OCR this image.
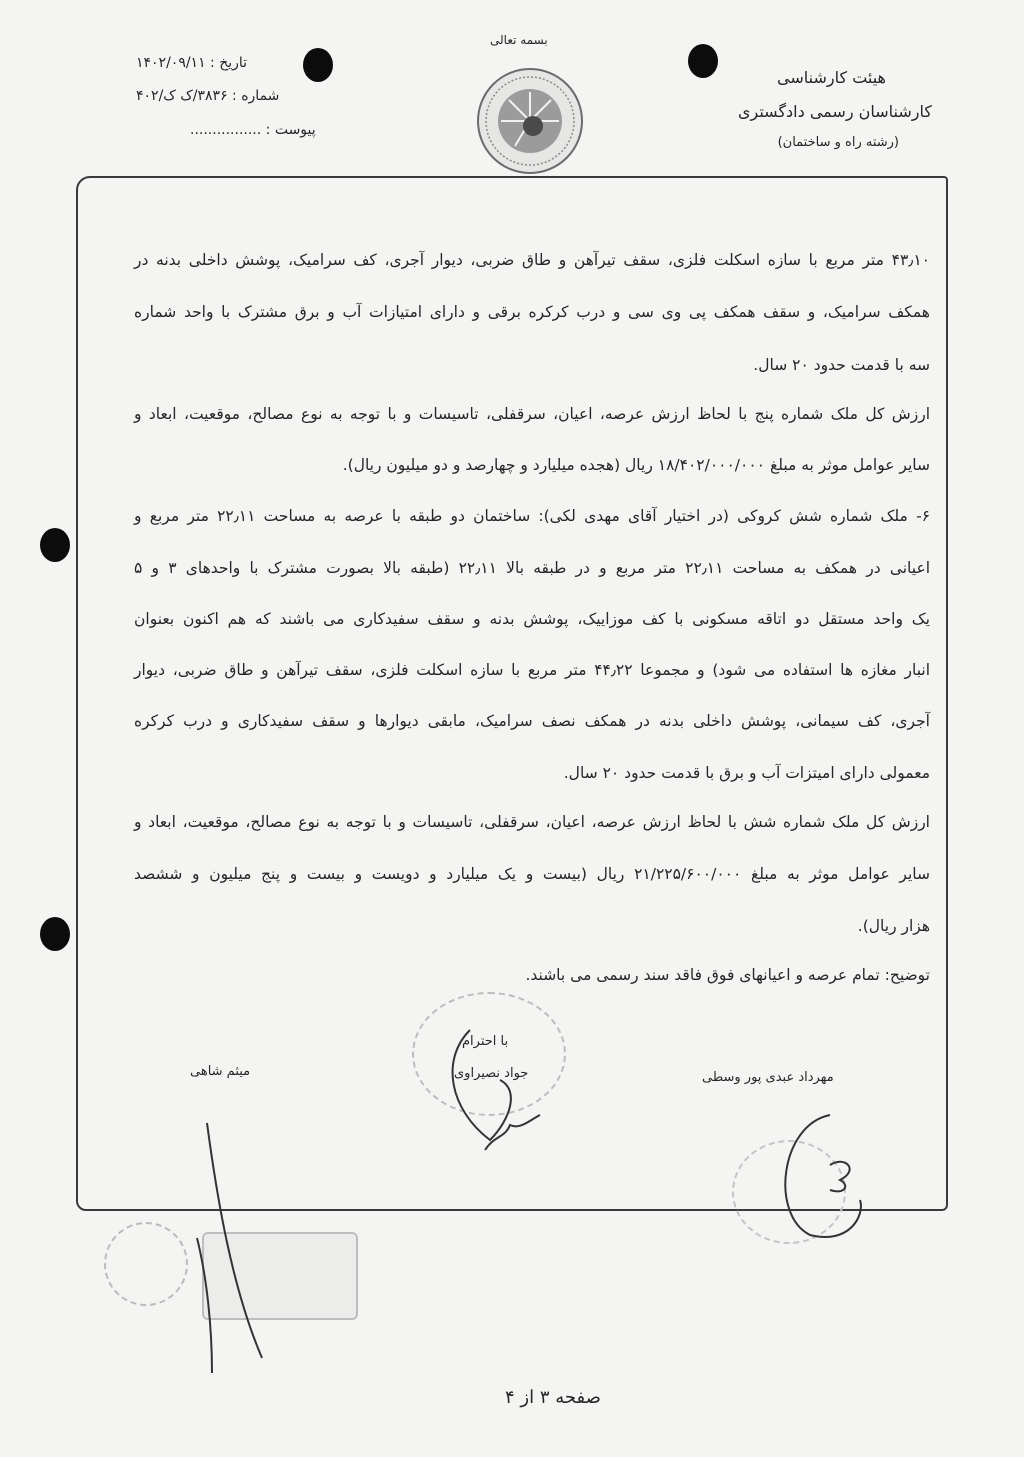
بسمه تعالی
هیئت کارشناسی
کارشناسان رسمی دادگستری
(رشته راه و ساختمان)
تاریخ : ۱۴۰۲/۰۹/۱۱
شماره : ۳۸۳۶/ک ک/۴۰۲
پیوست : ................
۴۳٫۱۰ متر مربع با سازه اسکلت فلزی، سقف تیرآهن و طاق ضربی، دیوار آجری، کف سرامیک، پوشش داخلی بدنه در
همکف سرامیک، و سقف همکف پی وی سی و درب کرکره برقی و دارای امتیازات آب و برق مشترک با واحد شماره
سه با قدمت حدود ۲۰ سال.
ارزش کل ملک شماره پنج با لحاظ ارزش عرصه، اعیان، سرقفلی، تاسیسات و با توجه به نوع مصالح، موقعیت، ابعاد و
سایر عوامل موثر به مبلغ ۱۸/۴۰۲/۰۰۰/۰۰۰ ریال (هجده میلیارد و چهارصد و دو میلیون ریال).
۶- ملک شماره شش کروکی (در اختیار آقای مهدی لکی): ساختمان دو طبقه با عرصه به مساحت ۲۲٫۱۱ متر مربع و
اعیانی در همکف به مساحت ۲۲٫۱۱ متر مربع و در طبقه بالا ۲۲٫۱۱ (طبقه بالا بصورت مشترک با واحدهای ۳ و ۵
یک واحد مستقل دو اتاقه مسکونی با کف موزاییک، پوشش بدنه و سقف سفیدکاری می باشند که هم اکنون بعنوان
انبار مغازه ها استفاده می شود) و مجموعا ۴۴٫۲۲ متر مربع با سازه اسکلت فلزی، سقف تیرآهن و طاق ضربی، دیوار
آجری، کف سیمانی، پوشش داخلی بدنه در همکف نصف سرامیک، مابقی دیوارها و سقف سفیدکاری و درب کرکره
معمولی دارای امیتزات آب و برق با قدمت حدود ۲۰ سال.
ارزش کل ملک شماره شش با لحاظ ارزش عرصه، اعیان، سرقفلی، تاسیسات و با توجه به نوع مصالح، موقعیت، ابعاد و
سایر عوامل موثر به مبلغ ۲۱/۲۲۵/۶۰۰/۰۰۰ ریال (بیست و یک میلیارد و دویست و بیست و پنج میلیون و ششصد
هزار ریال).
توضیح: تمام عرصه و اعیانهای فوق فاقد سند رسمی می باشند.
با احترام
جواد نصیراوی	مهرداد عبدی پور وسطی
میثم شاهی
صفحه ۳ از ۴
